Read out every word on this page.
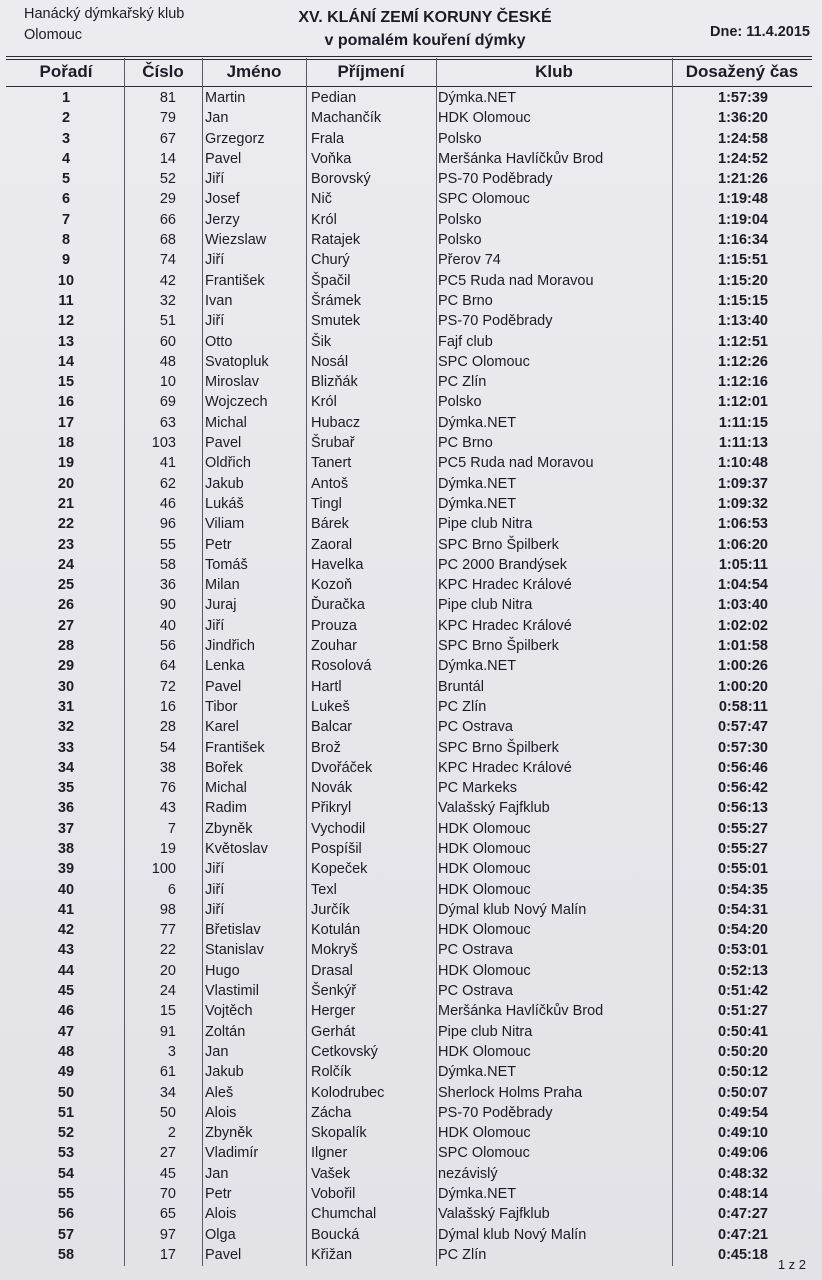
Hanácký dýmkařský klub
Olomouc
XV. KLÁNÍ ZEMÍ KORUNY ČESKÉ
v pomalém kouření dýmky	Dne: 11.4.2015
Pořadí	Číslo	Jméno	Příjmení	Klub	Dosažený čas
1	81 Martin	Pedian	Dýmka.NET	1:57:39
2	79 Jan	Machančík	HDK Olomouc	1:36:20
3	67 Grzegorz	Frala	Polsko	1:24:58
4	14 Pavel	Voňka	Meršánka Havlíčkův Brod	1:24:52
5	52 Jiří	Borovský	PS-70 Poděbrady	1:21:26
6	29 Josef	Nič	SPC Olomouc	1:19:48
7	66 Jerzy	Król	Polsko	1:19:04
8	68 Wiezslaw	Ratajek	Polsko	1:16:34
9	74 Jiří	Churý	Přerov 74	1:15:51
10	42 František	Špačil	PC5 Ruda nad Moravou	1:15:20
11	32 Ivan	Šrámek	PC Brno	1:15:15
12	51 Jiří	Smutek	PS-70 Poděbrady	1:13:40
13	60 Otto	Šik	Fajf club	1:12:51
14	48 Svatopluk	Nosál	SPC Olomouc	1:12:26
15	10 Miroslav	Blizňák	PC Zlín	1:12:16
16	69 Wojczech	Król	Polsko	1:12:01
17	63 Michal	Hubacz	Dýmka.NET	1:11:15
18	103 Pavel	Šrubař	PC Brno	1:11:13
19	41 Oldřich	Tanert	PC5 Ruda nad Moravou	1:10:48
20	62 Jakub	Antoš	Dýmka.NET	1:09:37
21	46 Lukáš	Tingl	Dýmka.NET	1:09:32
22	96 Viliam	Bárek	Pipe club Nitra	1:06:53
23	55 Petr	Zaoral	SPC Brno Špilberk	1:06:20
24	58 Tomáš	Havelka	PC 2000 Brandýsek	1:05:11
25	36 Milan	Kozoň	KPC Hradec Králové	1:04:54
26	90 Juraj	Ďuračka	Pipe club Nitra	1:03:40
27	40 Jiří	Prouza	KPC Hradec Králové	1:02:02
28	56 Jindřich	Zouhar	SPC Brno Špilberk	1:01:58
29	64 Lenka	Rosolová	Dýmka.NET	1:00:26
30	72 Pavel	Hartl	Bruntál	1:00:20
31	16 Tibor	Lukeš	PC Zlín	0:58:11
32	28 Karel	Balcar	PC Ostrava	0:57:47
33	54 František	Brož	SPC Brno Špilberk	0:57:30
34	38 Bořek	Dvořáček	KPC Hradec Králové	0:56:46
35	76 Michal	Novák	PC Markeks	0:56:42
36	43 Radim	Přikryl	Valašský Fajfklub	0:56:13
37	7 Zbyněk	Vychodil	HDK Olomouc	0:55:27
38	19 Květoslav	Pospíšil	HDK Olomouc	0:55:27
39	100 Jiří	Kopeček	HDK Olomouc	0:55:01
40	6 Jiří	Texl	HDK Olomouc	0:54:35
41	98 Jiří	Jurčík	Dýmal klub Nový Malín	0:54:31
42	77 Břetislav	Kotulán	HDK Olomouc	0:54:20
43	22 Stanislav	Mokryš	PC Ostrava	0:53:01
44	20 Hugo	Drasal	HDK Olomouc	0:52:13
45	24 Vlastimil	Šenkýř	PC Ostrava	0:51:42
46	15 Vojtěch	Herger	Meršánka Havlíčkův Brod	0:51:27
47	91 Zoltán	Gerhát	Pipe club Nitra	0:50:41
48	3 Jan	Cetkovský	HDK Olomouc	0:50:20
49	61 Jakub	Rolčík	Dýmka.NET	0:50:12
50	34 Aleš	Kolodrubec	Sherlock Holms Praha	0:50:07
51	50 Alois	Zácha	PS-70 Poděbrady	0:49:54
52	2 Zbyněk	Skopalík	HDK Olomouc	0:49:10
53	27 Vladimír	Ilgner	SPC Olomouc	0:49:06
54	45 Jan	Vašek	nezávislý	0:48:32
55	70 Petr	Vobořil	Dýmka.NET	0:48:14
56	65 Alois	Chumchal	Valašský Fajfklub	0:47:27
57	97 Olga	Boucká	Dýmal klub Nový Malín	0:47:21
58	17 Pavel	Křižan	PC Zlín	0:45:18
1 z 2
